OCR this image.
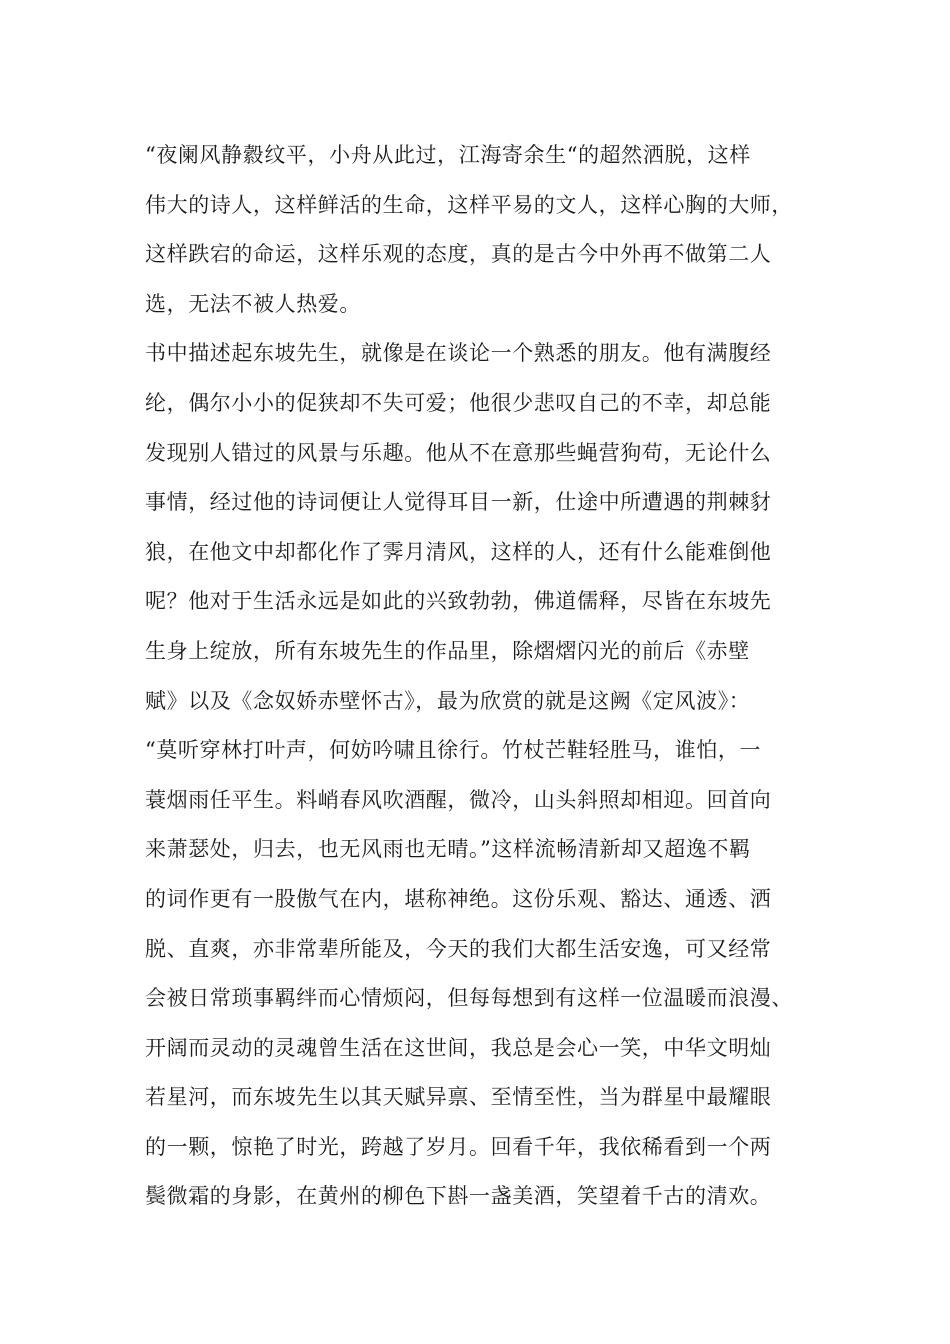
“夜阑风静縠纹平，小舟从此过，江海寄余生“的超然洒脱，这样
伟大的诗人，这样鲜活的生命，这样平易的文人，这样心胸的大师，
这样跌宕的命运，这样乐观的态度，真的是古今中外再不做第二人
选，无法不被人热爱。
书中描述起东坡先生，就像是在谈论一个熟悉的朋友。他有满腹经
纶，偶尔小小的促狭却不失可爱；他很少悲叹自己的不幸，却总能
发现别人错过的风景与乐趣。他从不在意那些蝇营狗苟，无论什么
事情，经过他的诗词便让人觉得耳目一新，仕途中所遭遇的荆棘豺
狼，在他文中却都化作了霁月清风，这样的人，还有什么能难倒他
呢？他对于生活永远是如此的兴致勃勃，佛道儒释，尽皆在东坡先
生身上绽放，所有东坡先生的作品里，除熠熠闪光的前后《赤壁
赋》以及《念奴娇赤壁怀古》，最为欣赏的就是这阙《定风波》：
“莫听穿林打叶声，何妨吟啸且徐行。竹杖芒鞋轻胜马，谁怕，一
蓑烟雨任平生。料峭春风吹酒醒，微冷，山头斜照却相迎。回首向
来萧瑟处，归去，也无风雨也无晴。”这样流畅清新却又超逸不羁
的词作更有一股傲气在内，堪称神绝。这份乐观、豁达、通透、洒
脱、直爽，亦非常辈所能及，今天的我们大都生活安逸，可又经常
会被日常琐事羁绊而心情烦闷，但每每想到有这样一位温暖而浪漫、
开阔而灵动的灵魂曾生活在这世间，我总是会心一笑，中华文明灿
若星河，而东坡先生以其天赋异禀、至情至性，当为群星中最耀眼
的一颗，惊艳了时光，跨越了岁月。回看千年，我依稀看到一个两
鬓微霜的身影，在黄州的柳色下斟一盏美酒，笑望着千古的清欢。
